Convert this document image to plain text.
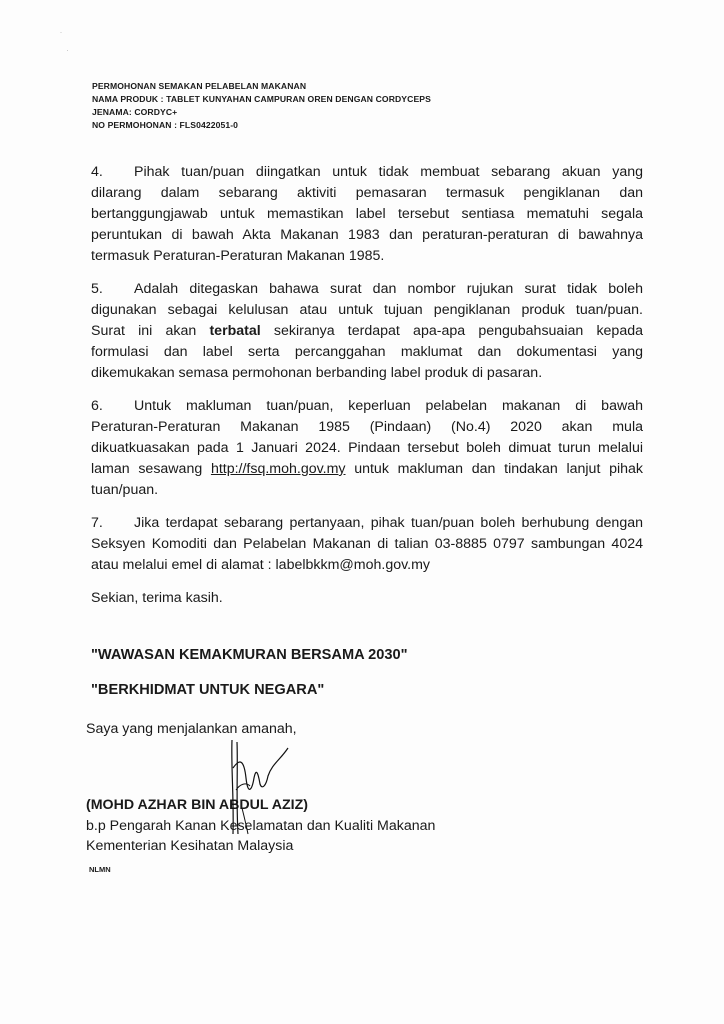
·

·
PERMOHONAN SEMAKAN PELABELAN MAKANAN
NAMA PRODUK : TABLET KUNYAHAN CAMPURAN OREN DENGAN CORDYCEPS
JENAMA: CORDYC+
NO PERMOHONAN : FLS0422051-0
4. Pihak tuan/puan diingatkan untuk tidak membuat sebarang akuan yang
dilarang dalam sebarang aktiviti pemasaran termasuk pengiklanan dan
bertanggungjawab untuk memastikan label tersebut sentiasa mematuhi segala
peruntukan di bawah Akta Makanan 1983 dan peraturan-peraturan di bawahnya
termasuk Peraturan-Peraturan Makanan 1985.
5. Adalah ditegaskan bahawa surat dan nombor rujukan surat tidak boleh
digunakan sebagai kelulusan atau untuk tujuan pengiklanan produk tuan/puan.
Surat ini akan terbatal sekiranya terdapat apa-apa pengubahsuaian kepada
formulasi dan label serta percanggahan maklumat dan dokumentasi yang
dikemukakan semasa permohonan berbanding label produk di pasaran.
6. Untuk makluman tuan/puan, keperluan pelabelan makanan di bawah
Peraturan-Peraturan Makanan 1985 (Pindaan) (No.4) 2020 akan mula
dikuatkuasakan pada 1 Januari 2024. Pindaan tersebut boleh dimuat turun melalui
laman sesawang http://fsq.moh.gov.my untuk makluman dan tindakan lanjut pihak
tuan/puan.
7. Jika terdapat sebarang pertanyaan, pihak tuan/puan boleh berhubung dengan
Seksyen Komoditi dan Pelabelan Makanan di talian 03-8885 0797 sambungan 4024
atau melalui emel di alamat : labelbkkm@moh.gov.my
Sekian, terima kasih.
"WAWASAN KEMAKMURAN BERSAMA 2030"
"BERKHIDMAT UNTUK NEGARA"
Saya yang menjalankan amanah,
(MOHD AZHAR BIN ABDUL AZIZ)
b.p Pengarah Kanan Keselamatan dan Kualiti Makanan
Kementerian Kesihatan Malaysia
NLMN
